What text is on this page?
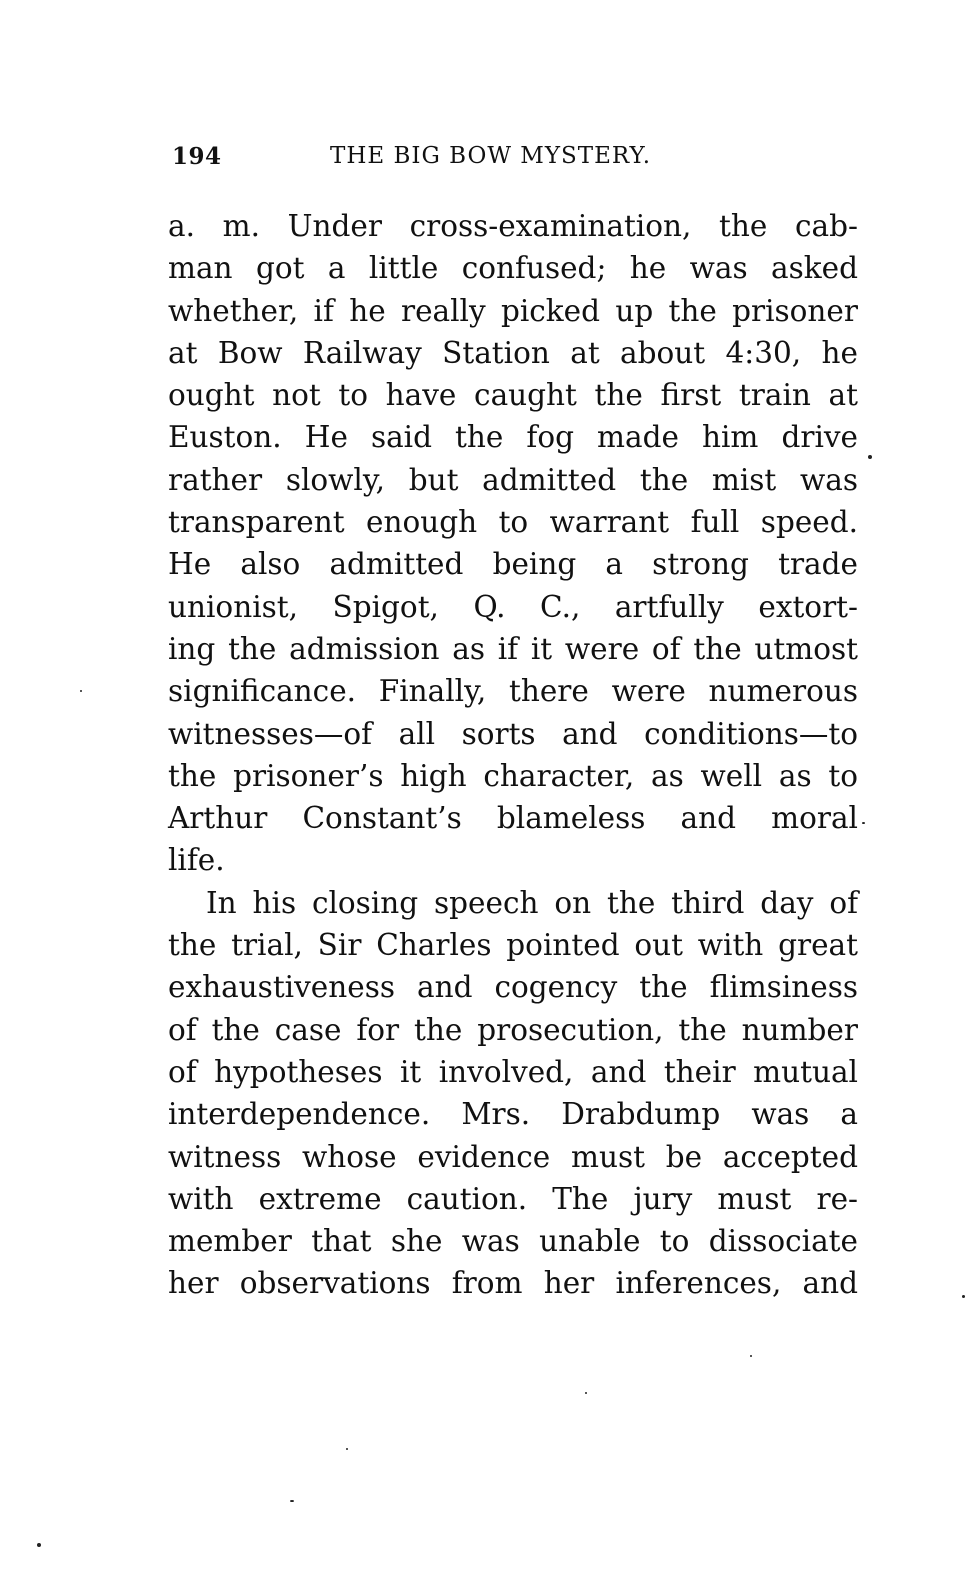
194	THE BIG BOW MYSTERY.
a. m. Under cross-examination, the cab-
man got a little confused; he was asked
whether, if he really picked up the prisoner
at Bow Railway Station at about 4:30, he
ought not to have caught the first train at
Euston. He said the fog made him drive
rather slowly, but admitted the mist was
transparent enough to warrant full speed.
He also admitted being a strong trade
unionist, Spigot, Q. C., artfully extort-
ing the admission as if it were of the utmost
significance. Finally, there were numerous
witnesses—of all sorts and conditions—to
the prisoner’s high character, as well as to
Arthur Constant’s blameless and moral
life.
In his closing speech on the third day of
the trial, Sir Charles pointed out with great
exhaustiveness and cogency the flimsiness
of the case for the prosecution, the number
of hypotheses it involved, and their mutual
interdependence. Mrs. Drabdump was a
witness whose evidence must be accepted
with extreme caution. The jury must re-
member that she was unable to dissociate
her observations from her inferences, and
